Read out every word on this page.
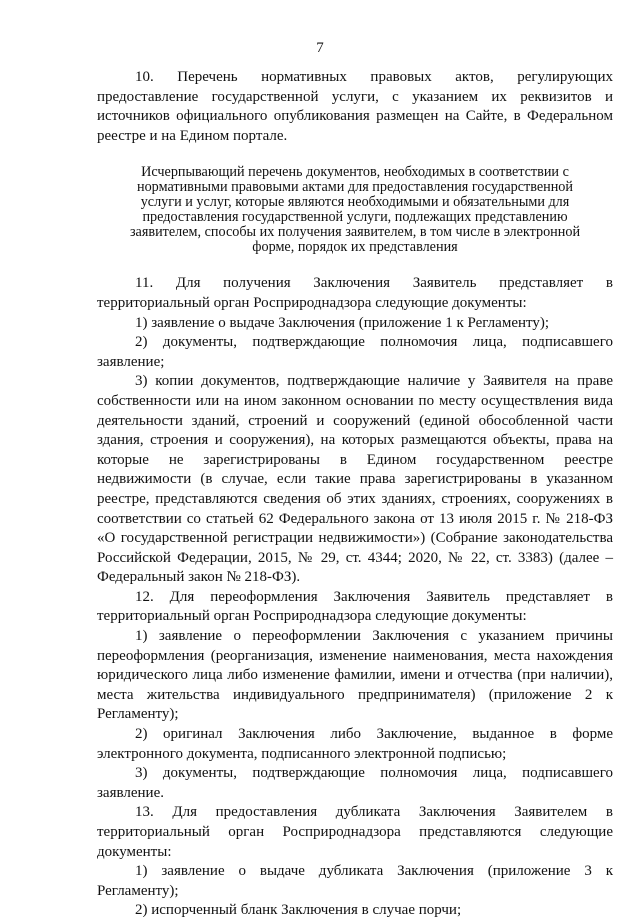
7

10. Перечень нормативных правовых актов, регулирующих предоставление государственной услуги, с указанием их реквизитов и источников официального опубликования размещен на Сайте, в Федеральном реестре и на Едином портале.

Исчерпывающий перечень документов, необходимых в соответствии с нормативными правовыми актами для предоставления государственной услуги и услуг, которые являются необходимыми и обязательными для предоставления государственной услуги, подлежащих представлению заявителем, способы их получения заявителем, в том числе в электронной форме, порядок их представления

11. Для получения Заключения Заявитель представляет в территориальный орган Росприроднадзора следующие документы:

1) заявление о выдаче Заключения (приложение 1 к Регламенту);

2) документы, подтверждающие полномочия лица, подписавшего заявление;

3) копии документов, подтверждающие наличие у Заявителя на праве собственности или на ином законном основании по месту осуществления вида деятельности зданий, строений и сооружений (единой обособленной части здания, строения и сооружения), на которых размещаются объекты, права на которые не зарегистрированы в Едином государственном реестре недвижимости (в случае, если такие права зарегистрированы в указанном реестре, представляются сведения об этих зданиях, строениях, сооружениях в соответствии со статьей 62 Федерального закона от 13 июля 2015 г. № 218-ФЗ «О государственной регистрации недвижимости») (Собрание законодательства Российской Федерации, 2015, № 29, ст. 4344; 2020, № 22, ст. 3383) (далее – Федеральный закон № 218-ФЗ).

12. Для переоформления Заключения Заявитель представляет в территориальный орган Росприроднадзора следующие документы:

1) заявление о переоформлении Заключения с указанием причины переоформления (реорганизация, изменение наименования, места нахождения юридического лица либо изменение фамилии, имени и отчества (при наличии), места жительства индивидуального предпринимателя) (приложение 2 к Регламенту);

2) оригинал Заключения либо Заключение, выданное в форме электронного документа, подписанного электронной подписью;

3) документы, подтверждающие полномочия лица, подписавшего заявление.

13. Для предоставления дубликата Заключения Заявителем в территориальный орган Росприроднадзора представляются следующие документы:

1) заявление о выдаче дубликата Заключения (приложение 3 к Регламенту);

2) испорченный бланк Заключения в случае порчи;
